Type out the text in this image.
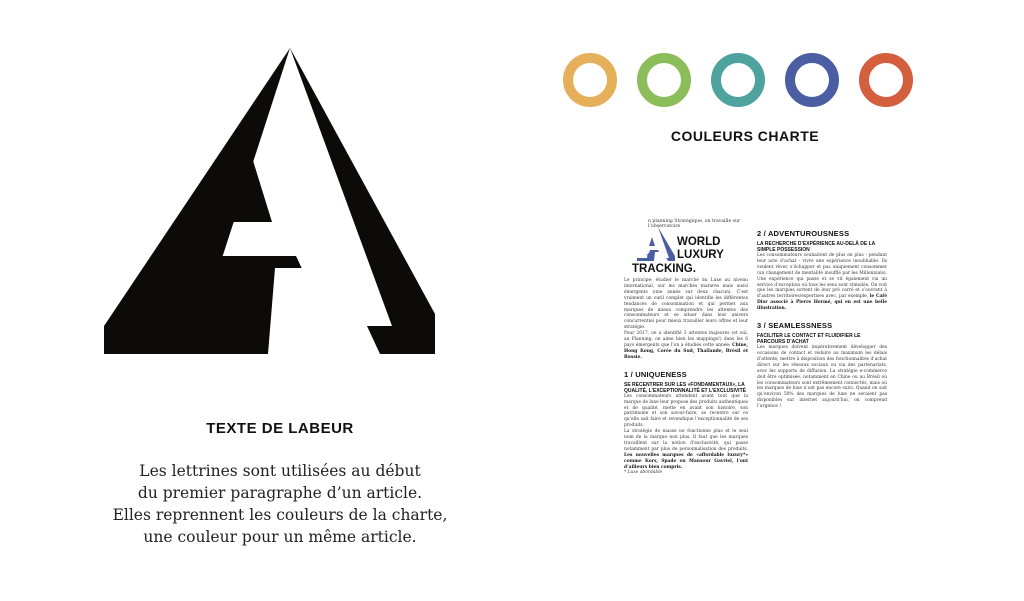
TEXTE DE LABEUR
Les lettrines sont utilisées au début
du premier paragraphe d’un article.
Elles reprennent les couleurs de la charte,
une couleur pour un même article.
COULEURS CHARTE
n planning Stratégique, on travaille sur l’observatoire
WORLD
LUXURY
TRACKING.

Le principe: étudier le marché du Luxe au niveau international, sur les marchés matures mais aussi émergents (une année sur deux chacun). C’est vraiment un outil complet qui identifie les différentes tendances de consommation et qui permet aux marques de mieux comprendre les attentes des consommateurs et se situer dans leur univers concurrentiel pour mieux travailler leurs offres et leur stratégie.

Pour 2017, on a identifié 3 attentes majeures (et oui, au Planning, on aime bien les mappings!) dans les 6 pays émergents que l’on a étudiés cette année: Chine, Hong Kong, Corée du Sud, Thaïlande, Brésil et Russie.

1 / UNIQUENESS
SE RECENTRER SUR LES «FONDAMENTAUX», LA QUALITÉ, L’EXCEPTIONNALITÉ ET L’EXCLUSIVITÉ

Les consommateurs attendent avant tout que la marque de luxe leur propose des produits authentiques et de qualité, mette en avant son histoire, son patrimoine et son savoir-faire, se recentre sur ce qu’elle sait faire et revendique l’exceptionnalité de ses produits.

La stratégie de masse ne fonctionne plus et le seul nom de la marque non plus. Il faut que les marques travaillent sur la notion d’exclusivité, qui passe notamment par plus de personnalisation des produits. Les nouvelles marques de «affordable luxury*» comme Kors, Spade ou Mansour Gavriel, l’ont d’ailleurs bien compris.

* Luxe abordable

2 / ADVENTUROUSNESS
LA RECHERCHE D’EXPÉRIENCE AU-DELÀ DE LA SIMPLE POSSESSION

Les consommateurs souhaitent de plus en plus - pendant leur acte d’achat - vivre une expérience inoubliable. Ils veulent rêver, s’échapper et pas uniquement consommer (un changement de mentalité insufflé par les Millennials). Une expérience qui passe et se vit également via un service d’exception où tous les sens sont stimulés. On voit que les marques sortent de leur pré carré et s’ouvrent à d’autres territoires/expertises avec, par exemple, le Café Dior associé à Pierre Hermé, qui en est une belle illustration.

3 / SEAMLESSNESS
FACILITER LE CONTACT ET FLUIDIFIER LE PARCOURS D’ACHAT

Les marques doivent impérativement développer des occasions de contact et réduire au maximum les délais d’attente, mettre à disposition des fonctionnalités d’achat direct sur les réseaux sociaux ou via des partenariats, avec les supports de diffusion. La stratégie e-commerce doit être optimisée, notamment en Chine ou au Brésil où les consommateurs sont extrêmement connectés, mais où les marques de luxe n’ont pas encore suivi. Quand on sait qu’environ 50% des marques de luxe ne seraient pas disponibles sur internet aujourd’hui, on comprend l’urgence !
